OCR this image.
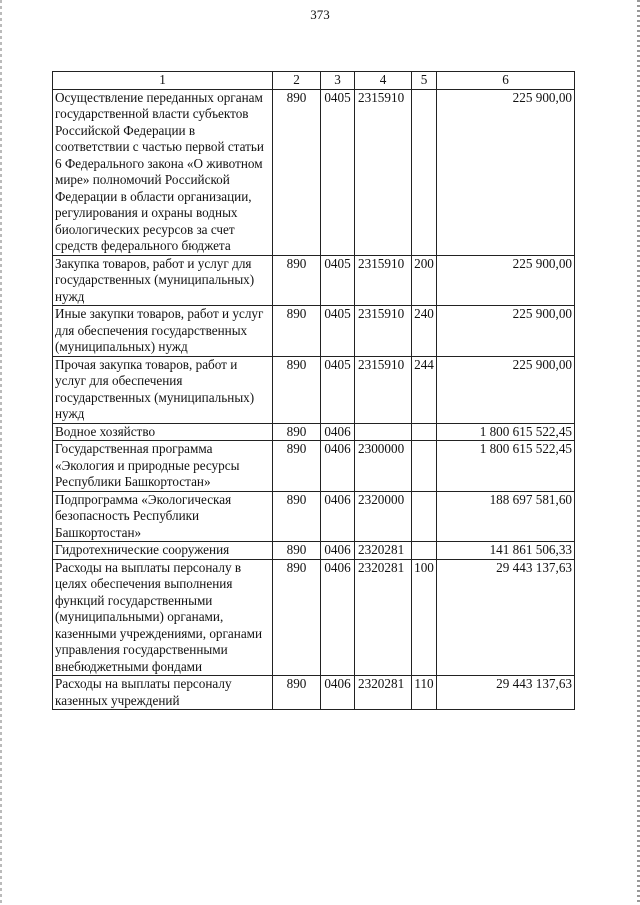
373
1	2	3	4	5	6
Осуществление переданных органам государственной власти субъектов Российской Федерации в соответствии с частью первой статьи 6 Федерального закона «О животном мире» полномочий Российской Федерации в области организации, регулирования и охраны водных биологических ресурсов за счет средств федерального бюджета	890	0405	2315910		225 900,00
Закупка товаров, работ и услуг для государственных (муниципальных) нужд	890	0405	2315910	200	225 900,00
Иные закупки товаров, работ и услуг для обеспечения государственных (муниципальных) нужд	890	0405	2315910	240	225 900,00
Прочая закупка товаров, работ и услуг для обеспечения государственных (муниципальных) нужд	890	0405	2315910	244	225 900,00
Водное хозяйство	890	0406			1 800 615 522,45
Государственная программа «Экология и природные ресурсы Республики Башкортостан»	890	0406	2300000		1 800 615 522,45
Подпрограмма «Экологическая безопасность Республики Башкортостан»	890	0406	2320000		188 697 581,60
Гидротехнические сооружения	890	0406	2320281		141 861 506,33
Расходы на выплаты персоналу в целях обеспечения выполнения функций государственными (муниципальными) органами, казенными учреждениями, органами управления государственными внебюджетными фондами	890	0406	2320281	100	29 443 137,63
Расходы на выплаты персоналу казенных учреждений	890	0406	2320281	110	29 443 137,63
